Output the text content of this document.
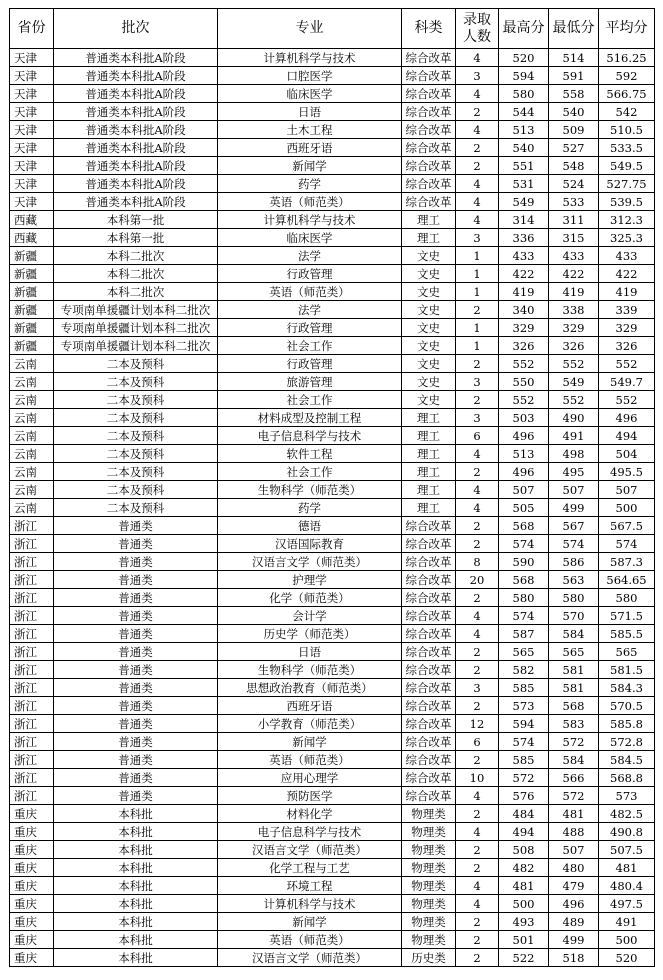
省份	批次	专业	科类	录取
人数	最高分	最低分	平均分
天津	普通类本科批A阶段	计算机科学与技术	综合改革	4	520	514	516.25
天津	普通类本科批A阶段	口腔医学	综合改革	3	594	591	592
天津	普通类本科批A阶段	临床医学	综合改革	4	580	558	566.75
天津	普通类本科批A阶段	日语	综合改革	2	544	540	542
天津	普通类本科批A阶段	土木工程	综合改革	4	513	509	510.5
天津	普通类本科批A阶段	西班牙语	综合改革	2	540	527	533.5
天津	普通类本科批A阶段	新闻学	综合改革	2	551	548	549.5
天津	普通类本科批A阶段	药学	综合改革	4	531	524	527.75
天津	普通类本科批A阶段	英语（师范类）	综合改革	4	549	533	539.5
西藏	本科第一批	计算机科学与技术	理工	4	314	311	312.3
西藏	本科第一批	临床医学	理工	3	336	315	325.3
新疆	本科二批次	法学	文史	1	433	433	433
新疆	本科二批次	行政管理	文史	1	422	422	422
新疆	本科二批次	英语（师范类）	文史	1	419	419	419
新疆	专项南单援疆计划本科二批次	法学	文史	2	340	338	339
新疆	专项南单援疆计划本科二批次	行政管理	文史	1	329	329	329
新疆	专项南单援疆计划本科二批次	社会工作	文史	1	326	326	326
云南	二本及预科	行政管理	文史	2	552	552	552
云南	二本及预科	旅游管理	文史	3	550	549	549.7
云南	二本及预科	社会工作	文史	2	552	552	552
云南	二本及预科	材料成型及控制工程	理工	3	503	490	496
云南	二本及预科	电子信息科学与技术	理工	6	496	491	494
云南	二本及预科	软件工程	理工	4	513	498	504
云南	二本及预科	社会工作	理工	2	496	495	495.5
云南	二本及预科	生物科学（师范类）	理工	4	507	507	507
云南	二本及预科	药学	理工	4	505	499	500
浙江	普通类	德语	综合改革	2	568	567	567.5
浙江	普通类	汉语国际教育	综合改革	2	574	574	574
浙江	普通类	汉语言文学（师范类）	综合改革	8	590	586	587.3
浙江	普通类	护理学	综合改革	20	568	563	564.65
浙江	普通类	化学（师范类）	综合改革	2	580	580	580
浙江	普通类	会计学	综合改革	4	574	570	571.5
浙江	普通类	历史学（师范类）	综合改革	4	587	584	585.5
浙江	普通类	日语	综合改革	2	565	565	565
浙江	普通类	生物科学（师范类）	综合改革	2	582	581	581.5
浙江	普通类	思想政治教育（师范类）	综合改革	3	585	581	584.3
浙江	普通类	西班牙语	综合改革	2	573	568	570.5
浙江	普通类	小学教育（师范类）	综合改革	12	594	583	585.8
浙江	普通类	新闻学	综合改革	6	574	572	572.8
浙江	普通类	英语（师范类）	综合改革	2	585	584	584.5
浙江	普通类	应用心理学	综合改革	10	572	566	568.8
浙江	普通类	预防医学	综合改革	4	576	572	573
重庆	本科批	材料化学	物理类	2	484	481	482.5
重庆	本科批	电子信息科学与技术	物理类	4	494	488	490.8
重庆	本科批	汉语言文学（师范类）	物理类	2	508	507	507.5
重庆	本科批	化学工程与工艺	物理类	2	482	480	481
重庆	本科批	环境工程	物理类	4	481	479	480.4
重庆	本科批	计算机科学与技术	物理类	4	500	496	497.5
重庆	本科批	新闻学	物理类	2	493	489	491
重庆	本科批	英语（师范类）	物理类	2	501	499	500
重庆	本科批	汉语言文学（师范类）	历史类	2	522	518	520
